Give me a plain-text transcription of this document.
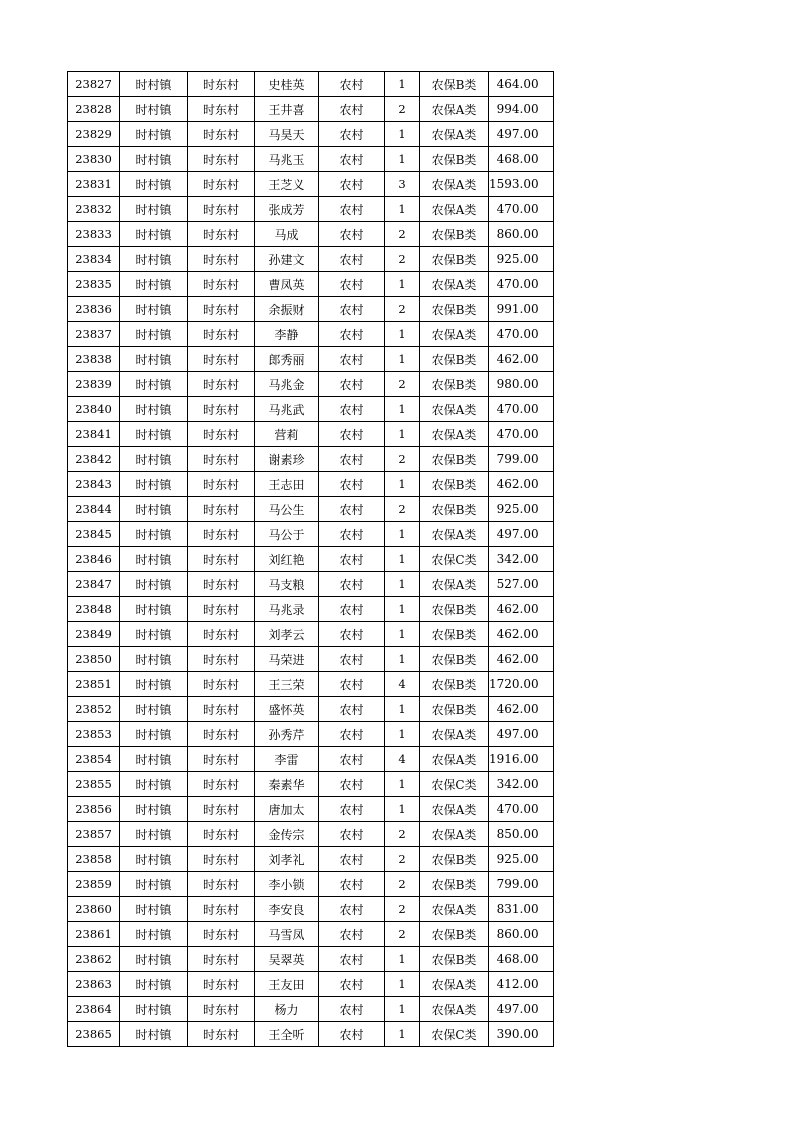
23827	时村镇	时东村	史桂英	农村	1	农保B类	464.00
23828	时村镇	时东村	王井喜	农村	2	农保A类	994.00
23829	时村镇	时东村	马昊天	农村	1	农保A类	497.00
23830	时村镇	时东村	马兆玉	农村	1	农保B类	468.00
23831	时村镇	时东村	王芝义	农村	3	农保A类	1593.00
23832	时村镇	时东村	张成芳	农村	1	农保A类	470.00
23833	时村镇	时东村	马成	农村	2	农保B类	860.00
23834	时村镇	时东村	孙建文	农村	2	农保B类	925.00
23835	时村镇	时东村	曹凤英	农村	1	农保A类	470.00
23836	时村镇	时东村	余振财	农村	2	农保B类	991.00
23837	时村镇	时东村	李静	农村	1	农保A类	470.00
23838	时村镇	时东村	郎秀丽	农村	1	农保B类	462.00
23839	时村镇	时东村	马兆金	农村	2	农保B类	980.00
23840	时村镇	时东村	马兆武	农村	1	农保A类	470.00
23841	时村镇	时东村	营莉	农村	1	农保A类	470.00
23842	时村镇	时东村	谢素珍	农村	2	农保B类	799.00
23843	时村镇	时东村	王志田	农村	1	农保B类	462.00
23844	时村镇	时东村	马公生	农村	2	农保B类	925.00
23845	时村镇	时东村	马公于	农村	1	农保A类	497.00
23846	时村镇	时东村	刘红艳	农村	1	农保C类	342.00
23847	时村镇	时东村	马支粮	农村	1	农保A类	527.00
23848	时村镇	时东村	马兆录	农村	1	农保B类	462.00
23849	时村镇	时东村	刘孝云	农村	1	农保B类	462.00
23850	时村镇	时东村	马荣进	农村	1	农保B类	462.00
23851	时村镇	时东村	王三荣	农村	4	农保B类	1720.00
23852	时村镇	时东村	盛怀英	农村	1	农保B类	462.00
23853	时村镇	时东村	孙秀芹	农村	1	农保A类	497.00
23854	时村镇	时东村	李雷	农村	4	农保A类	1916.00
23855	时村镇	时东村	秦素华	农村	1	农保C类	342.00
23856	时村镇	时东村	唐加太	农村	1	农保A类	470.00
23857	时村镇	时东村	金传宗	农村	2	农保A类	850.00
23858	时村镇	时东村	刘孝礼	农村	2	农保B类	925.00
23859	时村镇	时东村	李小锁	农村	2	农保B类	799.00
23860	时村镇	时东村	李安良	农村	2	农保A类	831.00
23861	时村镇	时东村	马雪凤	农村	2	农保B类	860.00
23862	时村镇	时东村	吴翠英	农村	1	农保B类	468.00
23863	时村镇	时东村	王友田	农村	1	农保A类	412.00
23864	时村镇	时东村	杨力	农村	1	农保A类	497.00
23865	时村镇	时东村	王全听	农村	1	农保C类	390.00
